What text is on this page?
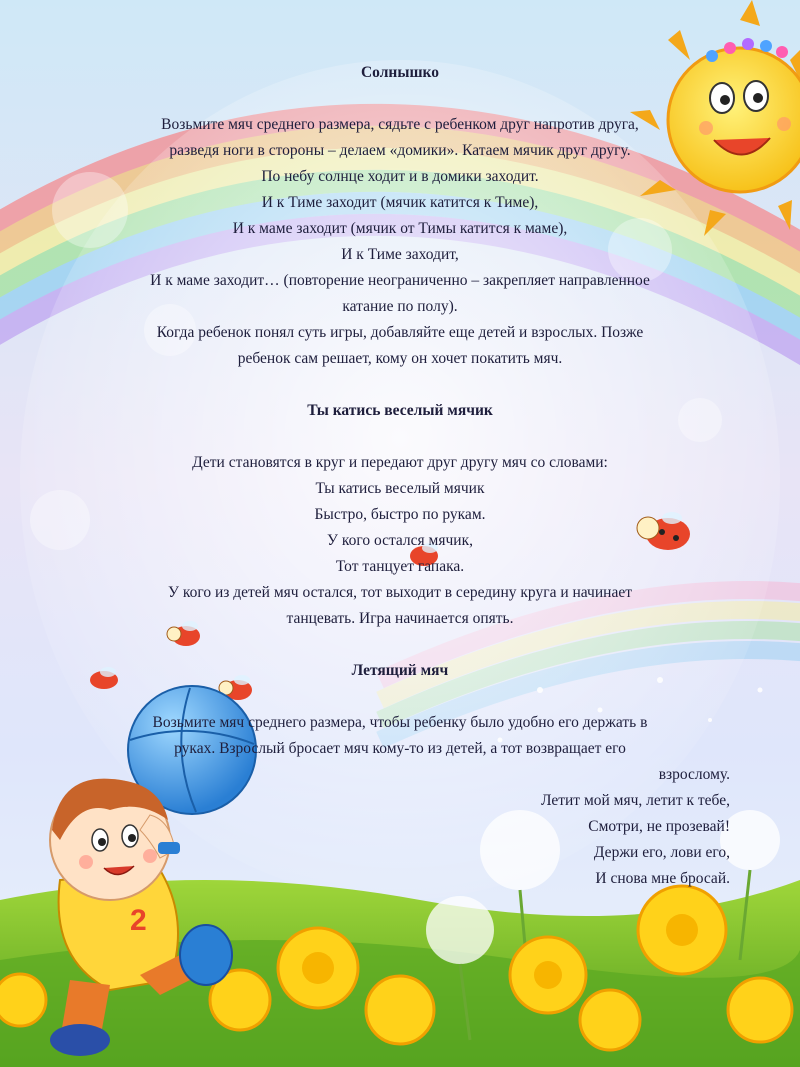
2
Солнышко
Возьмите мяч среднего размера, сядьте с ребенком друг напротив друга,
разведя ноги в стороны – делаем «домики». Катаем мячик друг другу.
По небу солнце ходит и в домики заходит.
И к Тиме заходит (мячик катится к Тиме),
И к маме заходит (мячик от Тимы катится к маме),
И к Тиме заходит,
И к маме заходит… (повторение неограниченно – закрепляет направленное
катание по полу).
Когда ребенок понял суть игры, добавляйте еще детей и взрослых. Позже
ребенок сам решает, кому он хочет покатить мяч.
Ты катись веселый мячик
Дети становятся в круг и передают друг другу мяч со словами:
Ты катись веселый мячик
Быстро, быстро по рукам.
У кого остался мячик,
Тот танцует гапака.
У кого из детей мяч остался, тот выходит в середину круга и начинает
танцевать. Игра начинается опять.
Летящий мяч
Возьмите мяч среднего размера, чтобы ребенку было удобно его держать в
руках. Взрослый бросает мяч кому-то из детей, а тот возвращает его
взрослому.
Летит мой мяч, летит к тебе,
Смотри, не прозевай!
Держи его, лови его,
И снова мне бросай.
